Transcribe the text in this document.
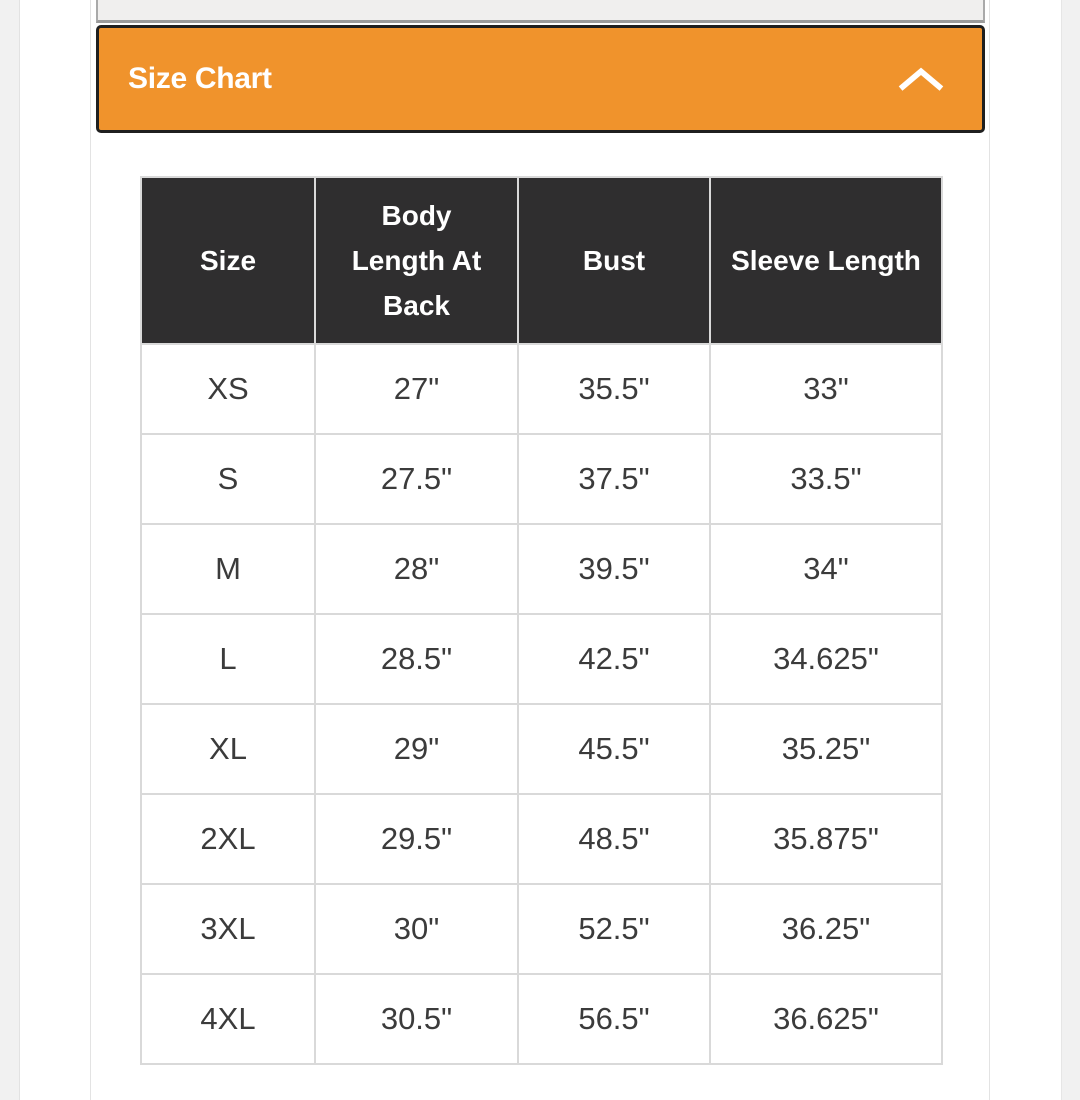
Size Chart
Size	Body Length At Back	Bust	Sleeve Length
XS	27"	35.5"	33"
S	27.5"	37.5"	33.5"
M	28"	39.5"	34"
L	28.5"	42.5"	34.625"
XL	29"	45.5"	35.25"
2XL	29.5"	48.5"	35.875"
3XL	30"	52.5"	36.25"
4XL	30.5"	56.5"	36.625"
